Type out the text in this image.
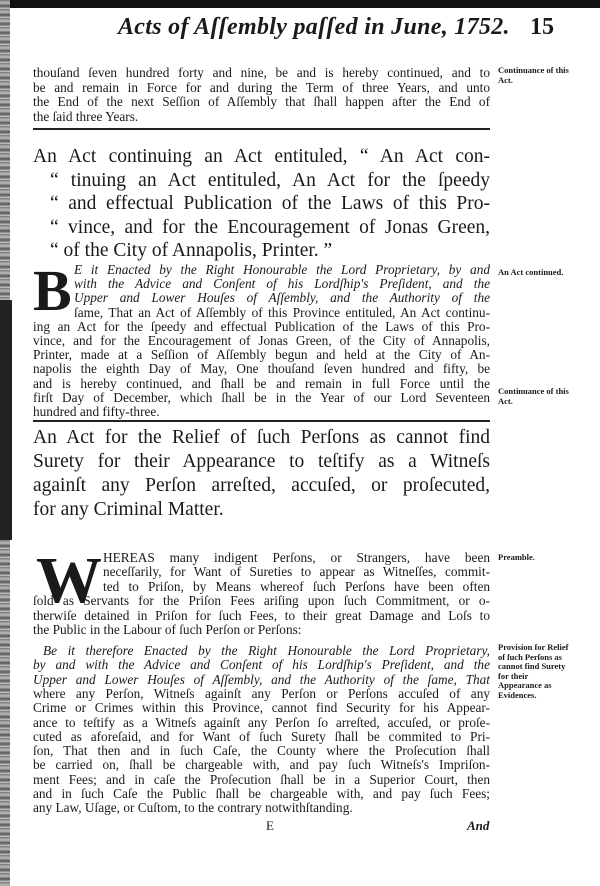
Acts of Aſſembly paſſed in June, 1752. 15
thouſand ſeven hundred forty and nine, be and is hereby continued, and to
be and remain in Force for and during the Term of three Years, and unto
the End of the next Seſſion of Aſſembly that ſhall happen after the End of
the ſaid three Years.
An Act continuing an Act entituled, “ An Act con-
“ tinuing an Act entituled, An Act for the ſpeedy
“ and effectual Publication of the Laws of this Pro-
“ vince, and for the Encouragement of Jonas Green,
“ of the City of Annapolis, Printer. ”
B E it Enacted by the Right Honourable the Lord Proprietary, by and
with the Advice and Conſent of his Lordſhip's Preſident, and the
Upper and Lower Houſes of Aſſembly, and the Authority of the
ſame, That an Act of Aſſembly of this Province entituled, An Act continu-
ing an Act for the ſpeedy and effectual Publication of the Laws of this Pro-
vince, and for the Encouragement of Jonas Green, of the City of Annapolis,
Printer, made at a Seſſion of Aſſembly begun and held at the City of An-
napolis the eighth Day of May, One thouſand ſeven hundred and fifty, be
and is hereby continued, and ſhall be and remain in full Force until the
firſt Day of December, which ſhall be in the Year of our Lord Seventeen
hundred and fifty-three.
An Act for the Relief of ſuch Perſons as cannot find
Surety for their Appearance to teſtify as a Witneſs
againſt any Perſon arreſted, accuſed, or proſecuted,
for any Criminal Matter.
W HEREAS many indigent Perſons, or Strangers, have been
neceſſarily, for Want of Sureties to appear as Witneſſes, commit-
ted to Priſon, by Means whereof ſuch Perſons have been often
ſold as Servants for the Priſon Fees ariſing upon ſuch Commitment, or o-
therwiſe detained in Priſon for ſuch Fees, to their great Damage and Loſs to
the Public in the Labour of ſuch Perſon or Perſons:
Be it therefore Enacted by the Right Honourable the Lord Proprietary,
by and with the Advice and Conſent of his Lordſhip's Preſident, and the
Upper and Lower Houſes of Aſſembly, and the Authority of the ſame, That
where any Perſon, Witneſs againſt any Perſon or Perſons accuſed of any
Crime or Crimes within this Province, cannot find Security for his Appear-
ance to teſtify as a Witneſs againſt any Perſon ſo arreſted, accuſed, or proſe-
cuted as aforeſaid, and for Want of ſuch Surety ſhall be commited to Pri-
ſon, That then and in ſuch Caſe, the County where the Proſecution ſhall
be carried on, ſhall be chargeable with, and pay ſuch Witneſs's Impriſon-
ment Fees; and in caſe the Proſecution ſhall be in a Superior Court, then
and in ſuch Caſe the Public ſhall be chargeable with, and pay ſuch Fees;
any Law, Uſage, or Cuſtom, to the contrary notwithſtanding.
E	And
Continuance of this Act.
An Act continued.
Continuance of this Act.
Preamble.
Provision for Relief of ſuch Perſons as cannot find Surety for their Appearance as Evidences.
